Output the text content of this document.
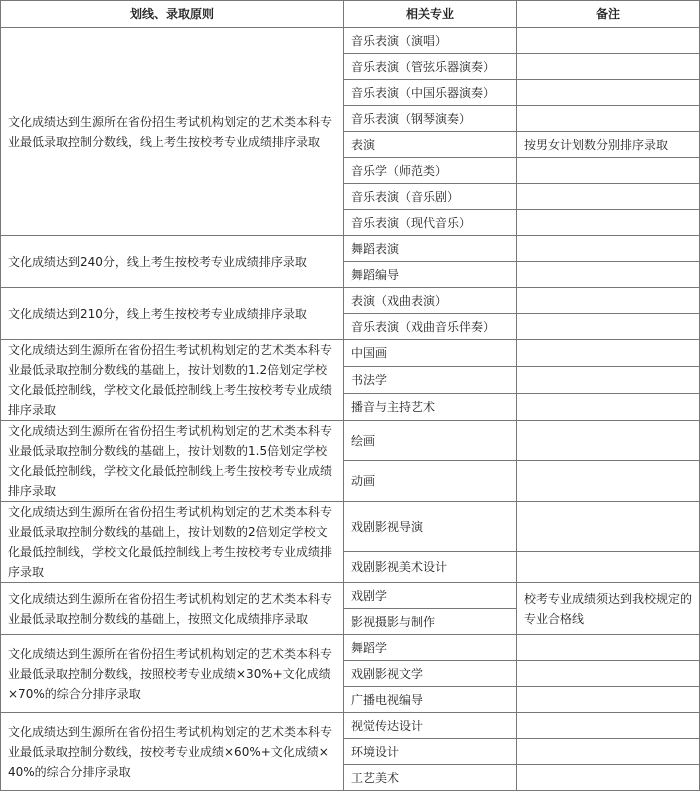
划线、录取原则	相关专业	备注
文化成绩达到生源所在省份招生考试机构划定的艺术类本科专业最低录取控制分数线，线上考生按校考专业成绩排序录取	音乐表演（演唱）	
	音乐表演（管弦乐器演奏）	
	音乐表演（中国乐器演奏）	
	音乐表演（钢琴演奏）	
	表演	按男女计划数分别排序录取
	音乐学（师范类）	
	音乐表演（音乐剧）	
	音乐表演（现代音乐）	
文化成绩达到240分，线上考生按校考专业成绩排序录取	舞蹈表演	
	舞蹈编导	
文化成绩达到210分，线上考生按校考专业成绩排序录取	表演（戏曲表演）	
	音乐表演（戏曲音乐伴奏）	
文化成绩达到生源所在省份招生考试机构划定的艺术类本科专业最低录取控制分数线的基础上，按计划数的1.2倍划定学校文化最低控制线，学校文化最低控制线上考生按校考专业成绩排序录取	中国画	
	书法学	
	播音与主持艺术	
文化成绩达到生源所在省份招生考试机构划定的艺术类本科专业最低录取控制分数线的基础上，按计划数的1.5倍划定学校文化最低控制线，学校文化最低控制线上考生按校考专业成绩排序录取	绘画	
	动画	
文化成绩达到生源所在省份招生考试机构划定的艺术类本科专业最低录取控制分数线的基础上，按计划数的2倍划定学校文化最低控制线，学校文化最低控制线上考生按校考专业成绩排序录取	戏剧影视导演	
	戏剧影视美术设计	
文化成绩达到生源所在省份招生考试机构划定的艺术类本科专业最低录取控制分数线的基础上，按照文化成绩排序录取	戏剧学	校考专业成绩须达到我校规定的专业合格线
	影视摄影与制作	
文化成绩达到生源所在省份招生考试机构划定的艺术类本科专业最低录取控制分数线，按照校考专业成绩×30%+文化成绩×70%的综合分排序录取	舞蹈学	
	戏剧影视文学	
	广播电视编导	
文化成绩达到生源所在省份招生考试机构划定的艺术类本科专业最低录取控制分数线，按校考专业成绩×60%+文化成绩×40%的综合分排序录取	视觉传达设计	
	环境设计	
	工艺美术	
